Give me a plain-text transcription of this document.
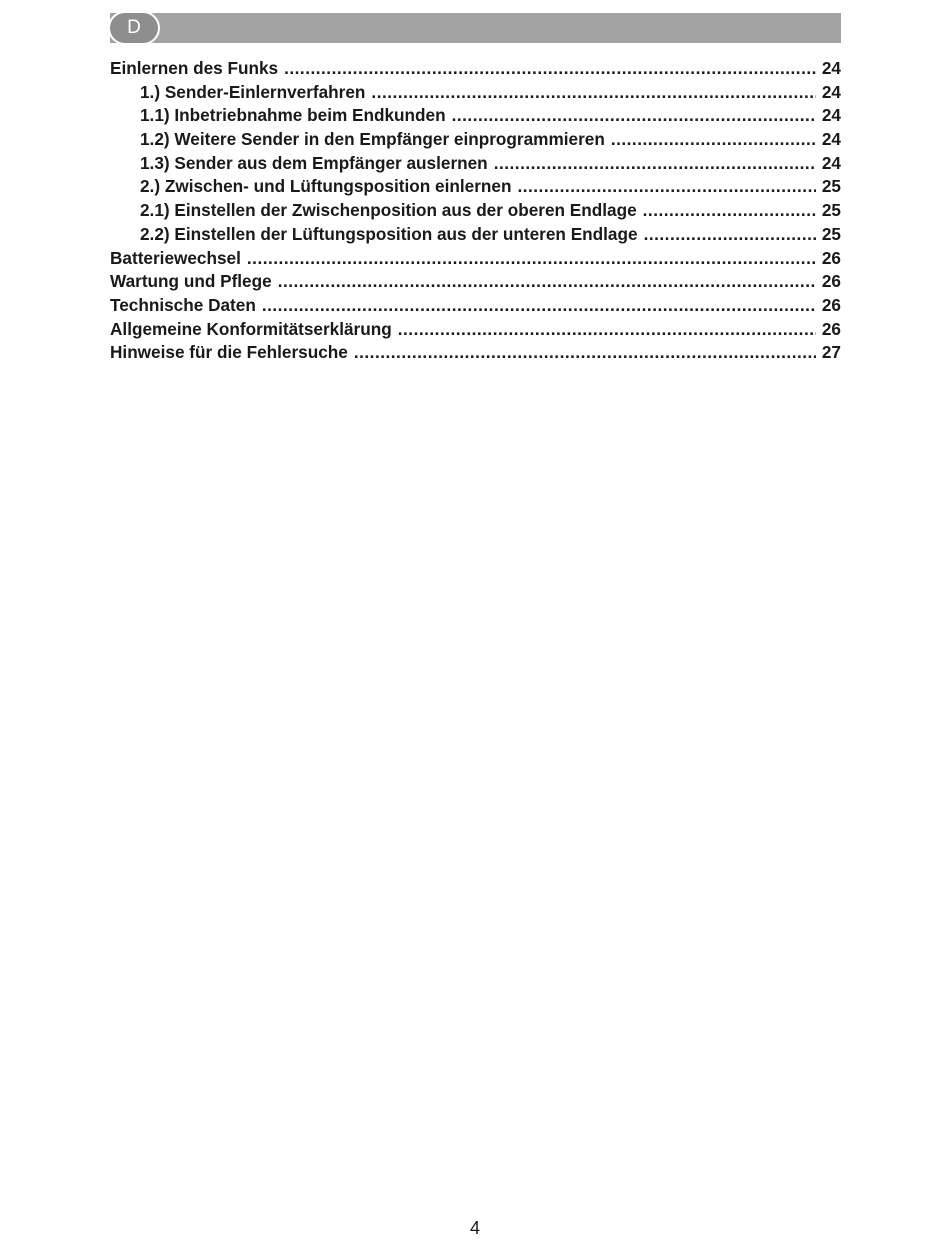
D
Einlernen des Funks .....	24
1.) Sender-Einlernverfahren .....	24
1.1) Inbetriebnahme beim Endkunden .....	24
1.2) Weitere Sender in den Empfänger einprogrammieren .....	24
1.3) Sender aus dem Empfänger auslernen .....	24
2.) Zwischen- und Lüftungsposition einlernen .....	25
2.1) Einstellen der Zwischenposition aus der oberen Endlage .....	25
2.2) Einstellen der Lüftungsposition aus der unteren Endlage .....	25
Batteriewechsel .....	26
Wartung und Pflege .....	26
Technische Daten .....	26
Allgemeine Konformitätserklärung .....	26
Hinweise für die Fehlersuche .....	27
4
